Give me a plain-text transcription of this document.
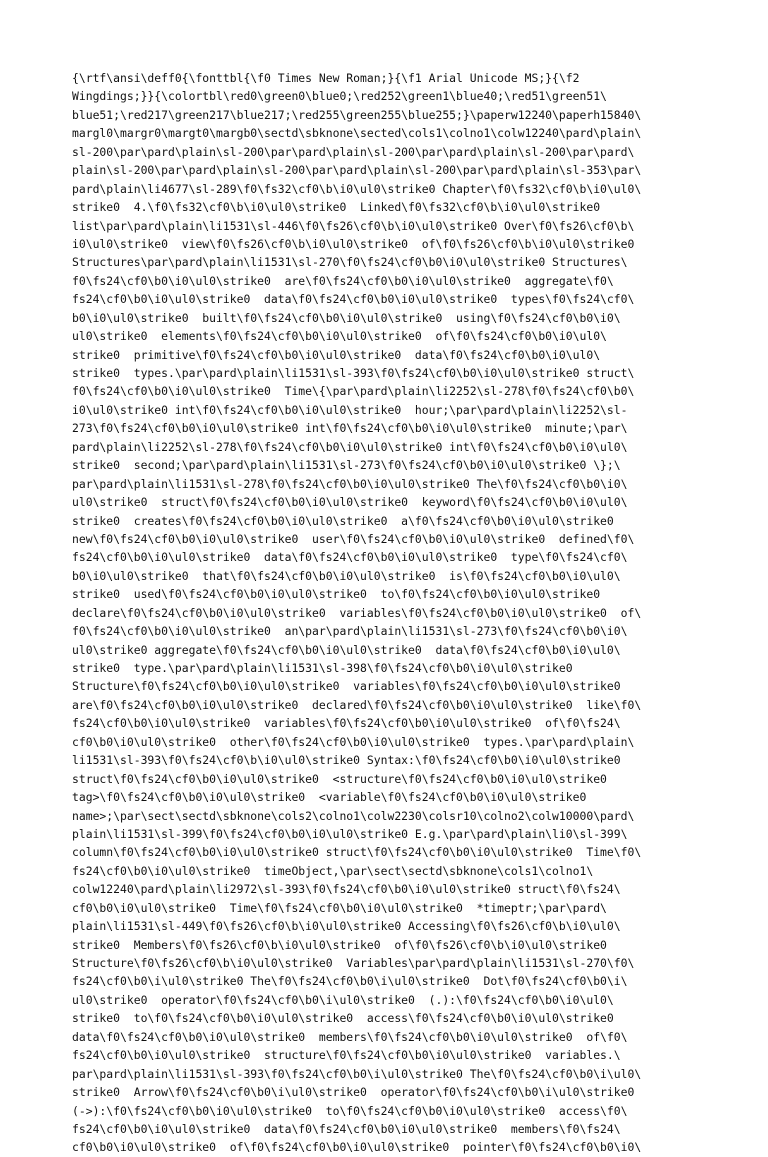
{\rtf\ansi\deff0{\fonttbl{\f0 Times New Roman;}{\f1 Arial Unicode MS;}{\f2
Wingdings;}}{\colortbl\red0\green0\blue0;\red252\green1\blue40;\red51\green51\
blue51;\red217\green217\blue217;\red255\green255\blue255;}\paperw12240\paperh15840\
margl0\margr0\margt0\margb0\sectd\sbknone\sected\cols1\colno1\colw12240\pard\plain\
sl-200\par\pard\plain\sl-200\par\pard\plain\sl-200\par\pard\plain\sl-200\par\pard\
plain\sl-200\par\pard\plain\sl-200\par\pard\plain\sl-200\par\pard\plain\sl-353\par\
pard\plain\li4677\sl-289\f0\fs32\cf0\b\i0\ul0\strike0 Chapter\f0\fs32\cf0\b\i0\ul0\
strike0  4.\f0\fs32\cf0\b\i0\ul0\strike0  Linked\f0\fs32\cf0\b\i0\ul0\strike0
list\par\pard\plain\li1531\sl-446\f0\fs26\cf0\b\i0\ul0\strike0 Over\f0\fs26\cf0\b\
i0\ul0\strike0  view\f0\fs26\cf0\b\i0\ul0\strike0  of\f0\fs26\cf0\b\i0\ul0\strike0
Structures\par\pard\plain\li1531\sl-270\f0\fs24\cf0\b0\i0\ul0\strike0 Structures\
f0\fs24\cf0\b0\i0\ul0\strike0  are\f0\fs24\cf0\b0\i0\ul0\strike0  aggregate\f0\
fs24\cf0\b0\i0\ul0\strike0  data\f0\fs24\cf0\b0\i0\ul0\strike0  types\f0\fs24\cf0\
b0\i0\ul0\strike0  built\f0\fs24\cf0\b0\i0\ul0\strike0  using\f0\fs24\cf0\b0\i0\
ul0\strike0  elements\f0\fs24\cf0\b0\i0\ul0\strike0  of\f0\fs24\cf0\b0\i0\ul0\
strike0  primitive\f0\fs24\cf0\b0\i0\ul0\strike0  data\f0\fs24\cf0\b0\i0\ul0\
strike0  types.\par\pard\plain\li1531\sl-393\f0\fs24\cf0\b0\i0\ul0\strike0 struct\
f0\fs24\cf0\b0\i0\ul0\strike0  Time\{\par\pard\plain\li2252\sl-278\f0\fs24\cf0\b0\
i0\ul0\strike0 int\f0\fs24\cf0\b0\i0\ul0\strike0  hour;\par\pard\plain\li2252\sl-
273\f0\fs24\cf0\b0\i0\ul0\strike0 int\f0\fs24\cf0\b0\i0\ul0\strike0  minute;\par\
pard\plain\li2252\sl-278\f0\fs24\cf0\b0\i0\ul0\strike0 int\f0\fs24\cf0\b0\i0\ul0\
strike0  second;\par\pard\plain\li1531\sl-273\f0\fs24\cf0\b0\i0\ul0\strike0 \};\
par\pard\plain\li1531\sl-278\f0\fs24\cf0\b0\i0\ul0\strike0 The\f0\fs24\cf0\b0\i0\
ul0\strike0  struct\f0\fs24\cf0\b0\i0\ul0\strike0  keyword\f0\fs24\cf0\b0\i0\ul0\
strike0  creates\f0\fs24\cf0\b0\i0\ul0\strike0  a\f0\fs24\cf0\b0\i0\ul0\strike0
new\f0\fs24\cf0\b0\i0\ul0\strike0  user\f0\fs24\cf0\b0\i0\ul0\strike0  defined\f0\
fs24\cf0\b0\i0\ul0\strike0  data\f0\fs24\cf0\b0\i0\ul0\strike0  type\f0\fs24\cf0\
b0\i0\ul0\strike0  that\f0\fs24\cf0\b0\i0\ul0\strike0  is\f0\fs24\cf0\b0\i0\ul0\
strike0  used\f0\fs24\cf0\b0\i0\ul0\strike0  to\f0\fs24\cf0\b0\i0\ul0\strike0
declare\f0\fs24\cf0\b0\i0\ul0\strike0  variables\f0\fs24\cf0\b0\i0\ul0\strike0  of\
f0\fs24\cf0\b0\i0\ul0\strike0  an\par\pard\plain\li1531\sl-273\f0\fs24\cf0\b0\i0\
ul0\strike0 aggregate\f0\fs24\cf0\b0\i0\ul0\strike0  data\f0\fs24\cf0\b0\i0\ul0\
strike0  type.\par\pard\plain\li1531\sl-398\f0\fs24\cf0\b0\i0\ul0\strike0
Structure\f0\fs24\cf0\b0\i0\ul0\strike0  variables\f0\fs24\cf0\b0\i0\ul0\strike0
are\f0\fs24\cf0\b0\i0\ul0\strike0  declared\f0\fs24\cf0\b0\i0\ul0\strike0  like\f0\
fs24\cf0\b0\i0\ul0\strike0  variables\f0\fs24\cf0\b0\i0\ul0\strike0  of\f0\fs24\
cf0\b0\i0\ul0\strike0  other\f0\fs24\cf0\b0\i0\ul0\strike0  types.\par\pard\plain\
li1531\sl-393\f0\fs24\cf0\b\i0\ul0\strike0 Syntax:\f0\fs24\cf0\b0\i0\ul0\strike0
struct\f0\fs24\cf0\b0\i0\ul0\strike0  <structure\f0\fs24\cf0\b0\i0\ul0\strike0
tag>\f0\fs24\cf0\b0\i0\ul0\strike0  <variable\f0\fs24\cf0\b0\i0\ul0\strike0
name>;\par\sect\sectd\sbknone\cols2\colno1\colw2230\colsr10\colno2\colw10000\pard\
plain\li1531\sl-399\f0\fs24\cf0\b0\i0\ul0\strike0 E.g.\par\pard\plain\li0\sl-399\
column\f0\fs24\cf0\b0\i0\ul0\strike0 struct\f0\fs24\cf0\b0\i0\ul0\strike0  Time\f0\
fs24\cf0\b0\i0\ul0\strike0  timeObject,\par\sect\sectd\sbknone\cols1\colno1\
colw12240\pard\plain\li2972\sl-393\f0\fs24\cf0\b0\i0\ul0\strike0 struct\f0\fs24\
cf0\b0\i0\ul0\strike0  Time\f0\fs24\cf0\b0\i0\ul0\strike0  *timeptr;\par\pard\
plain\li1531\sl-449\f0\fs26\cf0\b\i0\ul0\strike0 Accessing\f0\fs26\cf0\b\i0\ul0\
strike0  Members\f0\fs26\cf0\b\i0\ul0\strike0  of\f0\fs26\cf0\b\i0\ul0\strike0
Structure\f0\fs26\cf0\b\i0\ul0\strike0  Variables\par\pard\plain\li1531\sl-270\f0\
fs24\cf0\b0\i\ul0\strike0 The\f0\fs24\cf0\b0\i\ul0\strike0  Dot\f0\fs24\cf0\b0\i\
ul0\strike0  operator\f0\fs24\cf0\b0\i\ul0\strike0  (.):\f0\fs24\cf0\b0\i0\ul0\
strike0  to\f0\fs24\cf0\b0\i0\ul0\strike0  access\f0\fs24\cf0\b0\i0\ul0\strike0
data\f0\fs24\cf0\b0\i0\ul0\strike0  members\f0\fs24\cf0\b0\i0\ul0\strike0  of\f0\
fs24\cf0\b0\i0\ul0\strike0  structure\f0\fs24\cf0\b0\i0\ul0\strike0  variables.\
par\pard\plain\li1531\sl-393\f0\fs24\cf0\b0\i\ul0\strike0 The\f0\fs24\cf0\b0\i\ul0\
strike0  Arrow\f0\fs24\cf0\b0\i\ul0\strike0  operator\f0\fs24\cf0\b0\i\ul0\strike0
(->):\f0\fs24\cf0\b0\i0\ul0\strike0  to\f0\fs24\cf0\b0\i0\ul0\strike0  access\f0\
fs24\cf0\b0\i0\ul0\strike0  data\f0\fs24\cf0\b0\i0\ul0\strike0  members\f0\fs24\
cf0\b0\i0\ul0\strike0  of\f0\fs24\cf0\b0\i0\ul0\strike0  pointer\f0\fs24\cf0\b0\i0\
